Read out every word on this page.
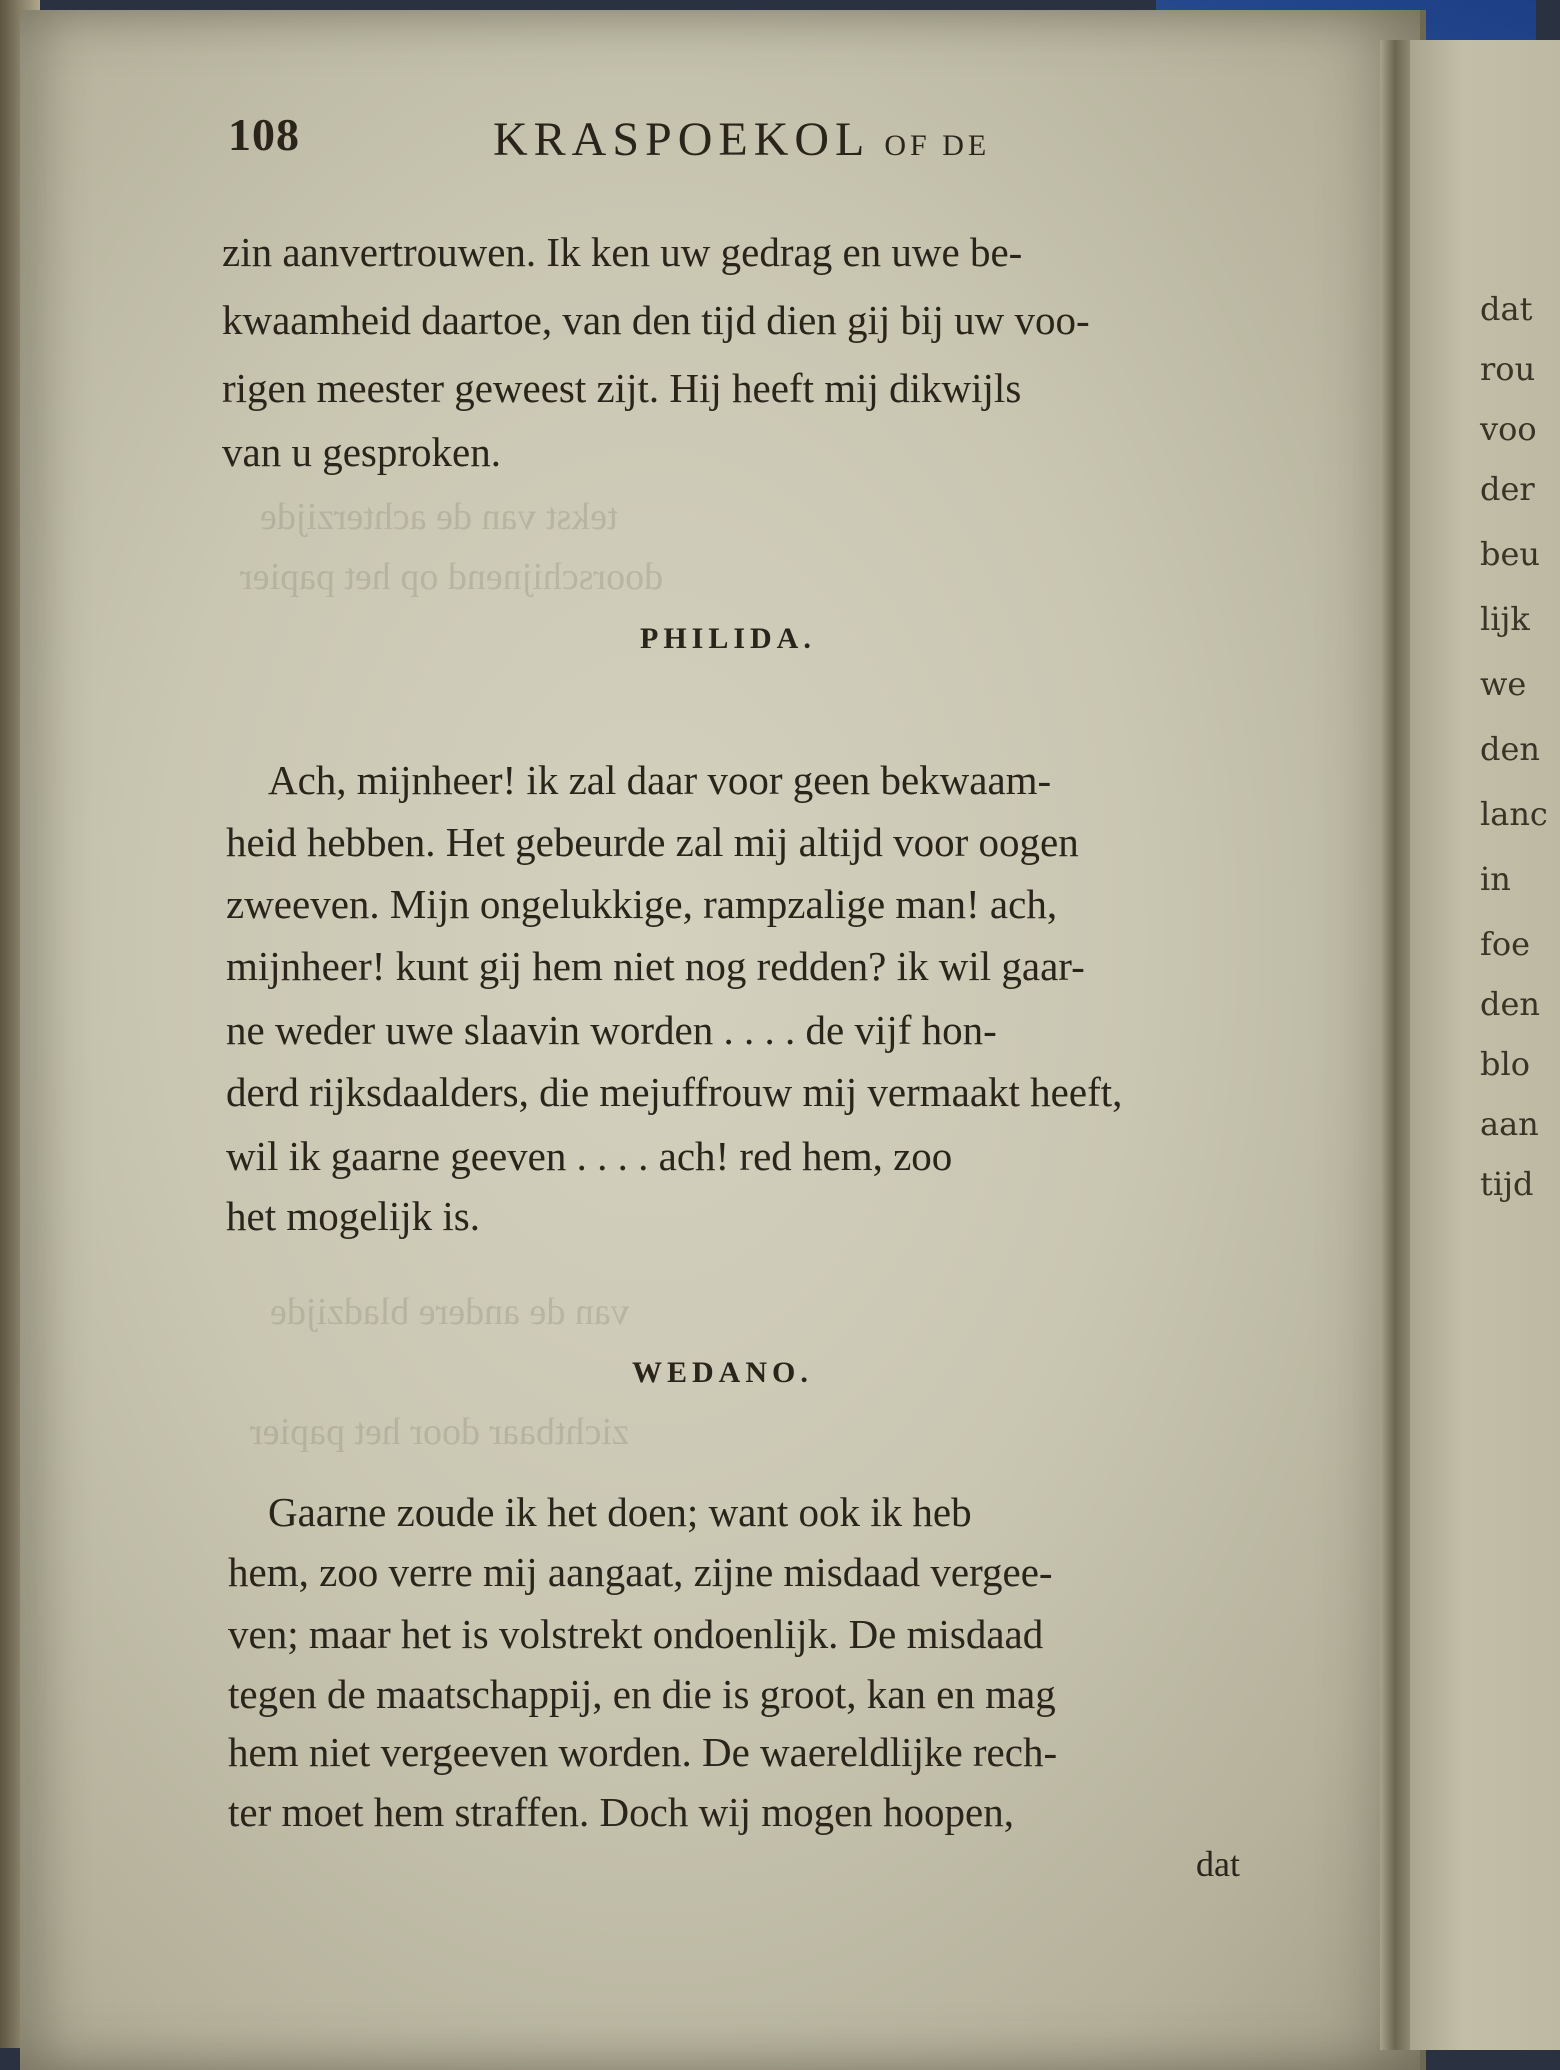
tekst van de achterzijde
doorschijnend op het papier
van de andere bladzijde
zichtbaar door het papier
dat
rou
voo
der
beu
lijk
we
den
lanc
in
foe
den
blo
aan
tijd
108	KRASPOEKOL OF DE
zin aanvertrouwen. Ik ken uw gedrag en uwe be-
kwaamheid daartoe, van den tijd dien gij bij uw voo-
rigen meester geweest zijt. Hij heeft mij dikwijls
van u gesproken.
PHILIDA.
Ach, mijnheer! ik zal daar voor geen bekwaam-
heid hebben. Het gebeurde zal mij altijd voor oogen
zweeven. Mijn ongelukkige, rampzalige man! ach,
mijnheer! kunt gij hem niet nog redden? ik wil gaar-
ne weder uwe slaavin worden . . . . de vijf hon-
derd rijksdaalders, die mejuffrouw mij vermaakt heeft,
wil ik gaarne geeven . . . . ach! red hem, zoo
het mogelijk is.
WEDANO.
Gaarne zoude ik het doen; want ook ik heb
hem, zoo verre mij aangaat, zijne misdaad vergee-
ven; maar het is volstrekt ondoenlijk. De misdaad
tegen de maatschappij, en die is groot, kan en mag
hem niet vergeeven worden. De waereldlijke rech-
ter moet hem straffen. Doch wij mogen hoopen,
dat
